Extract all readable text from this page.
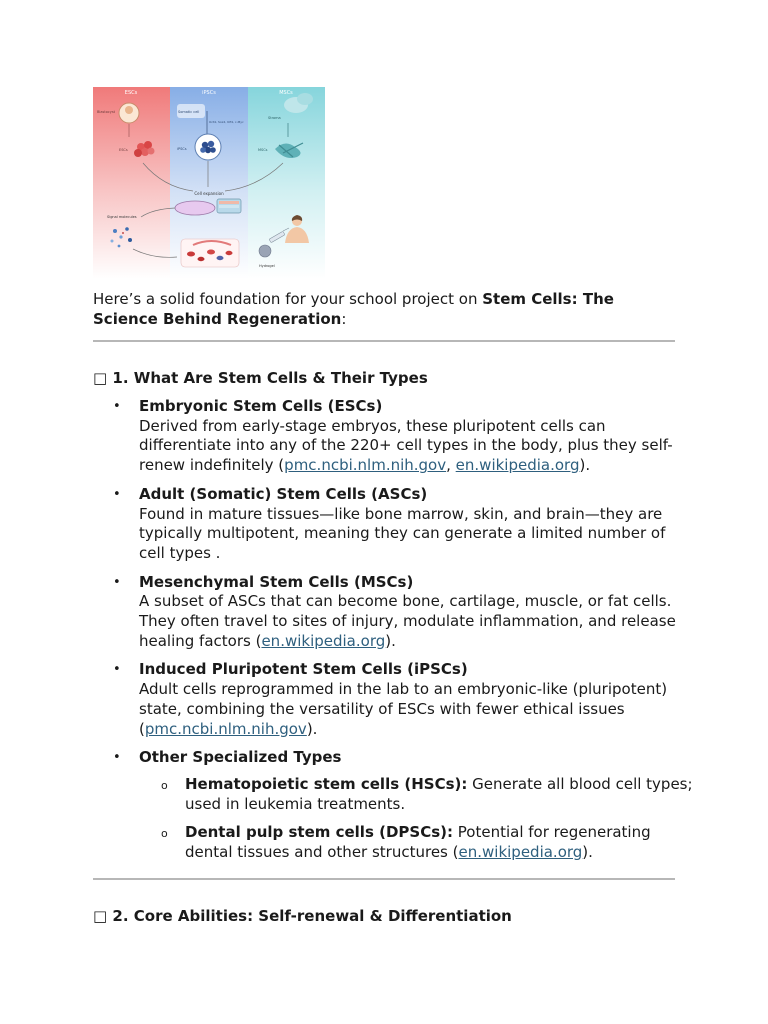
ESCs	iPSCs	MSCs
Blastocyst
ESCs
Somatic cell
Oct4, Sox2, Klf4, c-Myc
iPSCs
Stroma
MSCs
Cell expansion
Signal molecules
Hydrogel
Here’s a solid foundation for your school project on Stem Cells: The Science Behind Regeneration:
□ 1. What Are Stem Cells & Their Types
• Embryonic Stem Cells (ESCs)
Derived from early-stage embryos, these pluripotent cells can differentiate into any of the 220+ cell types in the body, plus they self-renew indefinitely (pmc.ncbi.nlm.nih.gov, en.wikipedia.org).
• Adult (Somatic) Stem Cells (ASCs)
Found in mature tissues—like bone marrow, skin, and brain—they are typically multipotent, meaning they can generate a limited number of cell types .
• Mesenchymal Stem Cells (MSCs)
A subset of ASCs that can become bone, cartilage, muscle, or fat cells. They often travel to sites of injury, modulate inflammation, and release healing factors (en.wikipedia.org).
• Induced Pluripotent Stem Cells (iPSCs)
Adult cells reprogrammed in the lab to an embryonic-like (pluripotent) state, combining the versatility of ESCs with fewer ethical issues (pmc.ncbi.nlm.nih.gov).
• Other Specialized Types
o Hematopoietic stem cells (HSCs): Generate all blood cell types; used in leukemia treatments.
o Dental pulp stem cells (DPSCs): Potential for regenerating dental tissues and other structures (en.wikipedia.org).
□ 2. Core Abilities: Self-renewal & Differentiation
